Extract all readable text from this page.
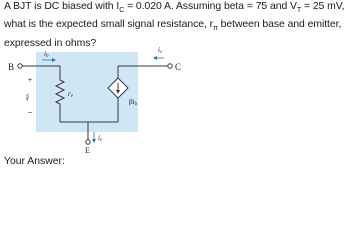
A BJT is DC biased with $I_C = 0.020$ A. Assuming beta = 75 and $V_T = 25$ mV, what is the expected small signal resistance, $r_\pi$ between base and emitter, expressed in ohms?

B
ib
+
vbe
–
re
βib
C
ic
E
ie
Your Answer:
